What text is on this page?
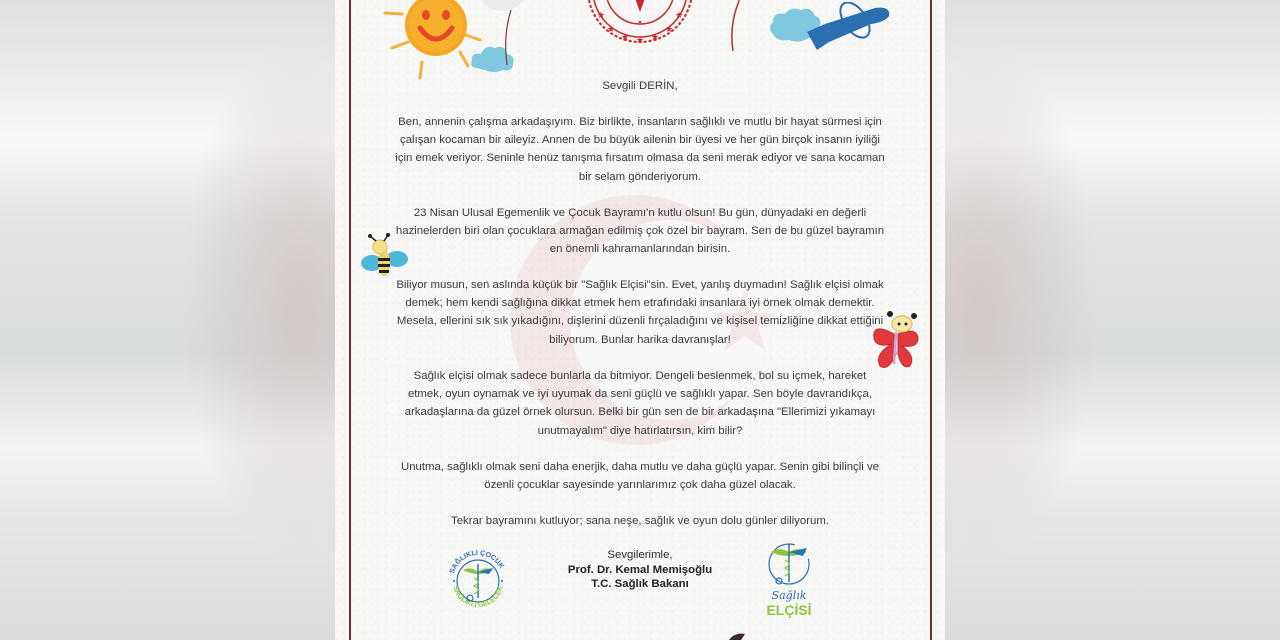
★
★
★ ★ ★
★
★

Sevgili DERİN,

Ben, annenin çalışma arkadaşıyım. Biz birlikte, insanların sağlıklı ve mutlu bir hayat sürmesi için çalışan kocaman bir aileyiz. Annen de bu büyük ailenin bir üyesi ve her gün birçok insanın iyiliği için emek veriyor. Seninle henüz tanışma fırsatım olmasa da seni merak ediyor ve sana kocaman bir selam gönderiyorum.

23 Nisan Ulusal Egemenlik ve Çocuk Bayramı'n kutlu olsun! Bu gün, dünyadaki en değerli hazinelerden biri olan çocuklara armağan edilmiş çok özel bir bayram. Sen de bu güzel bayramın en önemli kahramanlarından birisin.

Biliyor musun, sen aslında küçük bir "Sağlık Elçisi"sin. Evet, yanlış duymadın! Sağlık elçisi olmak demek; hem kendi sağlığına dikkat etmek hem etrafındaki insanlara iyi örnek olmak demektir. Mesela, ellerini sık sık yıkadığını, dişlerini düzenli fırçaladığını ve kişisel temizliğine dikkat ettiğini biliyorum. Bunlar harika davranışlar!

Sağlık elçisi olmak sadece bunlarla da bitmiyor. Dengeli beslenmek, bol su içmek, hareket etmek, oyun oynamak ve iyi uyumak da seni güçlü ve sağlıklı yapar. Sen böyle davrandıkça, arkadaşlarına da güzel örnek olursun. Belki bir gün sen de bir arkadaşına "Ellerimizi yıkamayı unutmayalım" diye hatırlatırsın, kim bilir?

Unutma, sağlıklı olmak seni daha enerjik, daha mutlu ve daha güçlü yapar. Senin gibi bilinçli ve özenli çocuklar sayesinde yarınlarımız çok daha güzel olacak.

Tekrar bayramını kutluyor; sana neşe, sağlık ve oyun dolu günler diliyorum.

Sevgilerimle,
Prof. Dr. Kemal Memişoğlu
T.C. Sağlık Bakanı
SAĞLIKLI ÇOCUK
SAĞLIKLI GELECEK
Sağlık
ELÇİSİ
